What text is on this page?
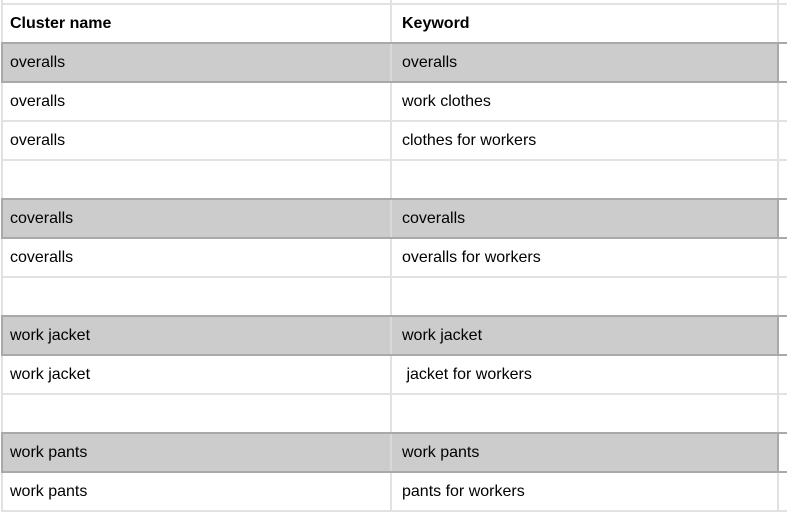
Cluster name	Keyword
overalls	overalls
overalls	work clothes
overalls	clothes for workers
coveralls	coveralls
coveralls	overalls for workers
work jacket	work jacket
work jacket	jacket for workers
work pants	work pants
work pants	pants for workers
